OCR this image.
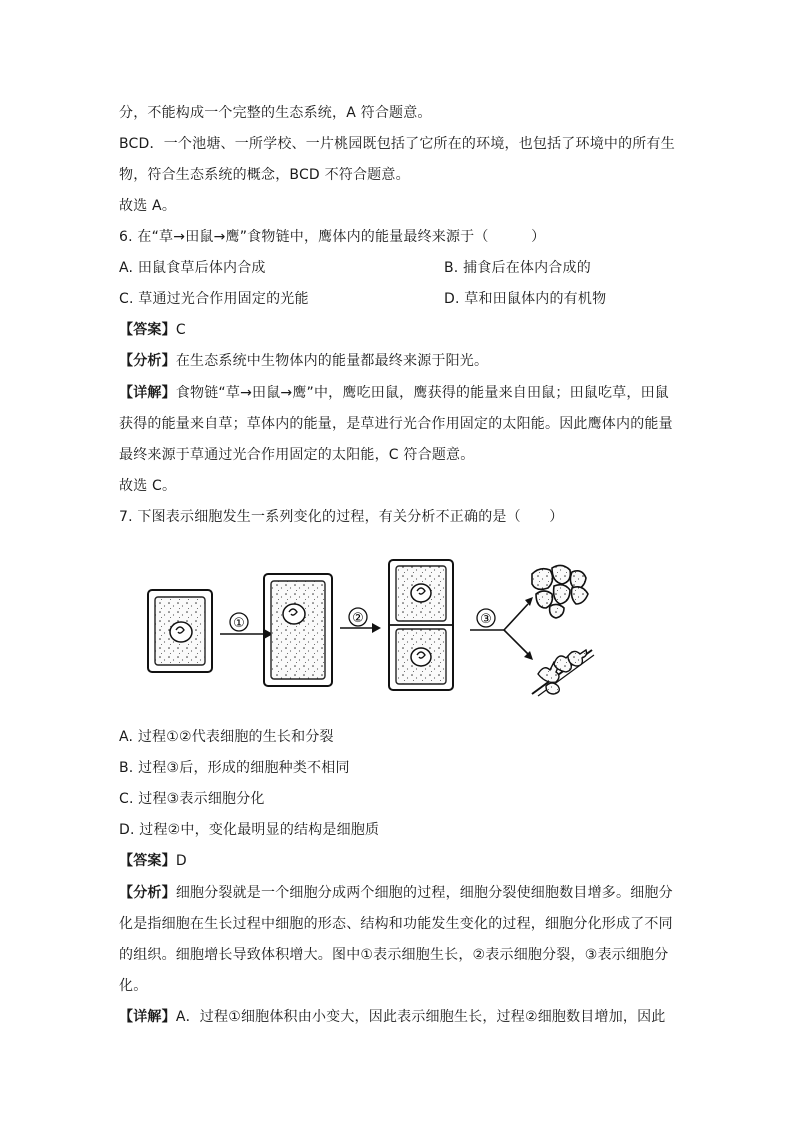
分，不能构成一个完整的生态系统，A 符合题意。
BCD．一个池塘、一所学校、一片桃园既包括了它所在的环境，也包括了环境中的所有生
物，符合生态系统的概念，BCD 不符合题意。
故选 A。
6. 在“草→田鼠→鹰”食物链中，鹰体内的能量最终来源于（　　　）
A. 田鼠食草后体内合成	B. 捕食后在体内合成的
C. 草通过光合作用固定的光能	D. 草和田鼠体内的有机物
【答案】C
【分析】在生态系统中生物体内的能量都最终来源于阳光。
【详解】食物链“草→田鼠→鹰”中，鹰吃田鼠，鹰获得的能量来自田鼠；田鼠吃草，田鼠
获得的能量来自草；草体内的能量，是草进行光合作用固定的太阳能。因此鹰体内的能量
最终来源于草通过光合作用固定的太阳能，C 符合题意。
故选 C。
7. 下图表示细胞发生一系列变化的过程，有关分析不正确的是（　　）
①	②	③
A. 过程①②代表细胞的生长和分裂
B. 过程③后，形成的细胞种类不相同
C. 过程③表示细胞分化
D. 过程②中，变化最明显的结构是细胞质
【答案】D
【分析】细胞分裂就是一个细胞分成两个细胞的过程，细胞分裂使细胞数目增多。细胞分
化是指细胞在生长过程中细胞的形态、结构和功能发生变化的过程，细胞分化形成了不同
的组织。细胞增长导致体积增大。图中①表示细胞生长，②表示细胞分裂，③表示细胞分
化。
【详解】A．过程①细胞体积由小变大，因此表示细胞生长，过程②细胞数目增加，因此
